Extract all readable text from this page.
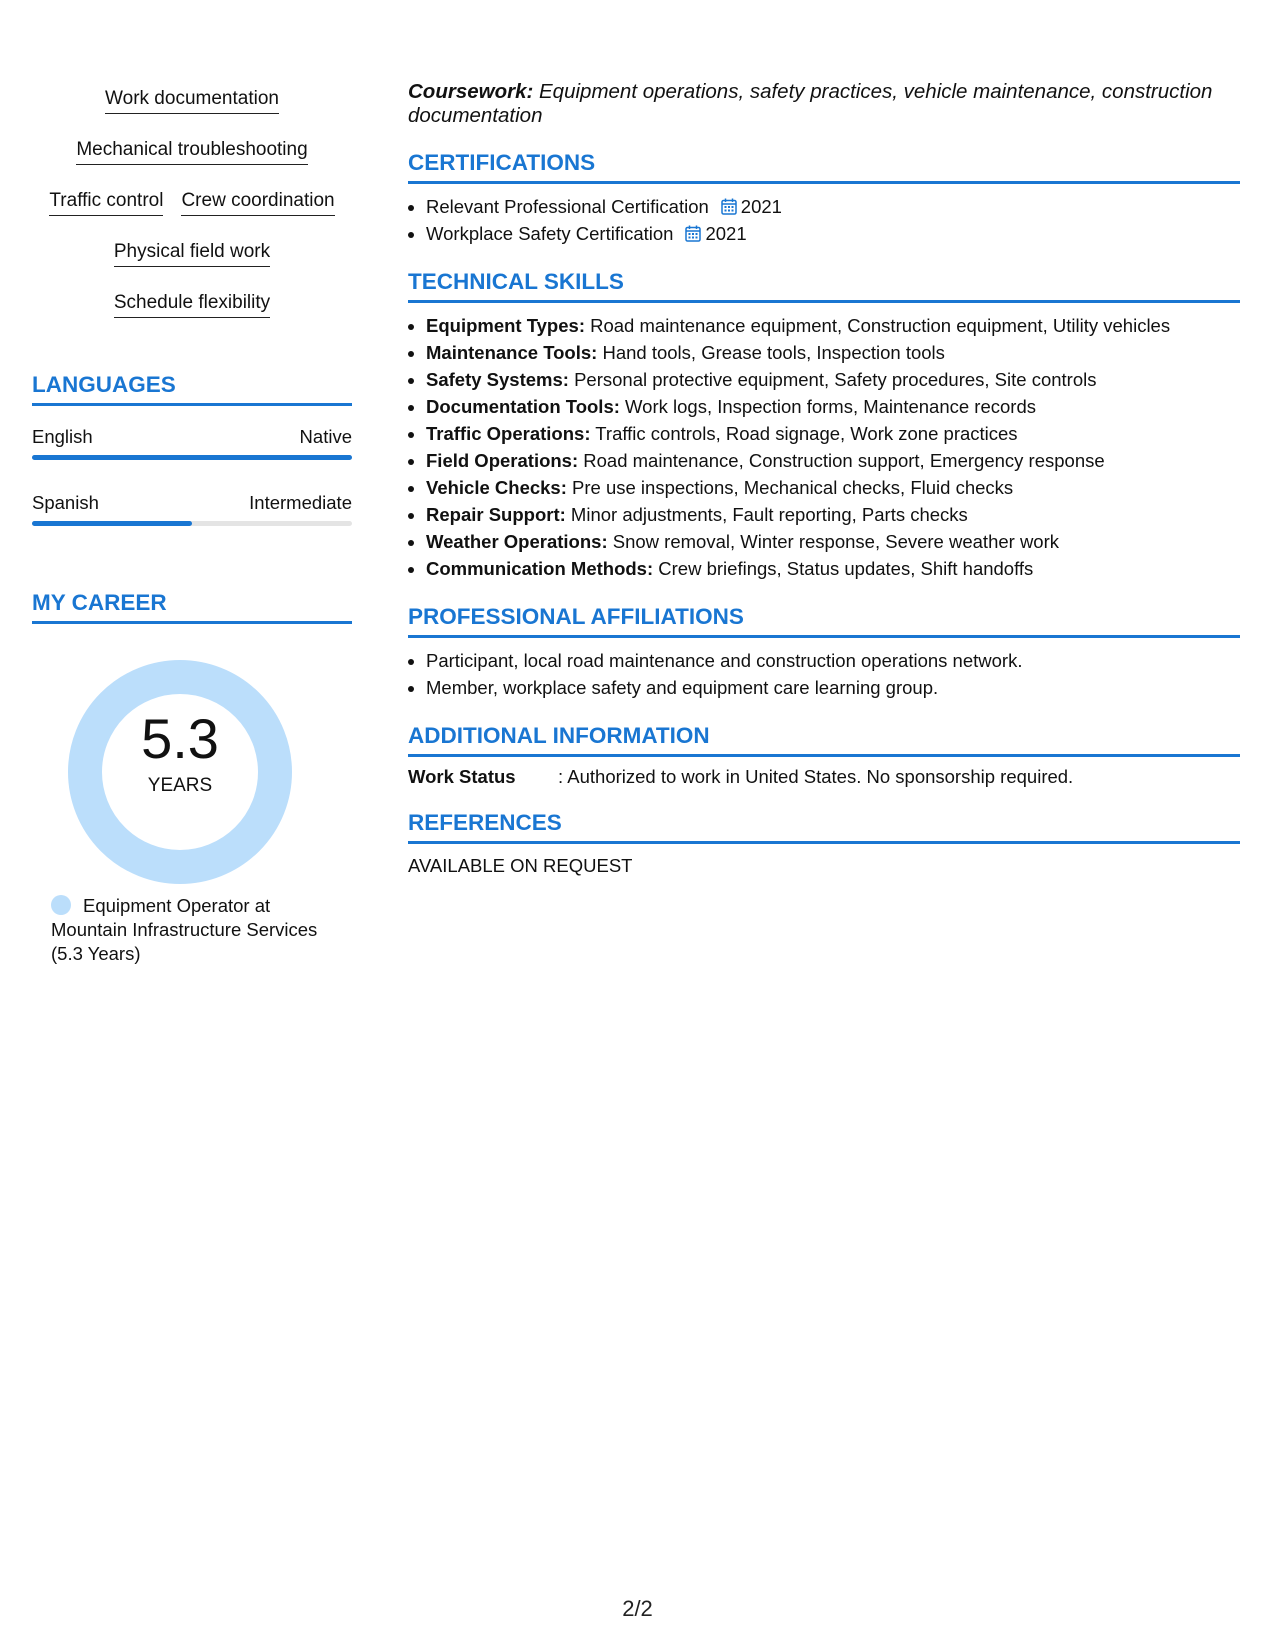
Work documentation
Mechanical troubleshooting
Traffic control Crew coordination
Physical field work
Schedule flexibility
LANGUAGES
English	Native
Spanish	Intermediate
MY CAREER
5.3
YEARS
Equipment Operator at Mountain Infrastructure Services (5.3 Years)
Coursework: Equipment operations, safety practices, vehicle maintenance, construction documentation
CERTIFICATIONS
• Relevant Professional Certification 2021
• Workplace Safety Certification 2021
TECHNICAL SKILLS
• Equipment Types: Road maintenance equipment, Construction equipment, Utility vehicles
• Maintenance Tools: Hand tools, Grease tools, Inspection tools
• Safety Systems: Personal protective equipment, Safety procedures, Site controls
• Documentation Tools: Work logs, Inspection forms, Maintenance records
• Traffic Operations: Traffic controls, Road signage, Work zone practices
• Field Operations: Road maintenance, Construction support, Emergency response
• Vehicle Checks: Pre use inspections, Mechanical checks, Fluid checks
• Repair Support: Minor adjustments, Fault reporting, Parts checks
• Weather Operations: Snow removal, Winter response, Severe weather work
• Communication Methods: Crew briefings, Status updates, Shift handoffs
PROFESSIONAL AFFILIATIONS
• Participant, local road maintenance and construction operations network.
• Member, workplace safety and equipment care learning group.
ADDITIONAL INFORMATION
Work Status	: Authorized to work in United States. No sponsorship required.
REFERENCES
AVAILABLE ON REQUEST
2/2
